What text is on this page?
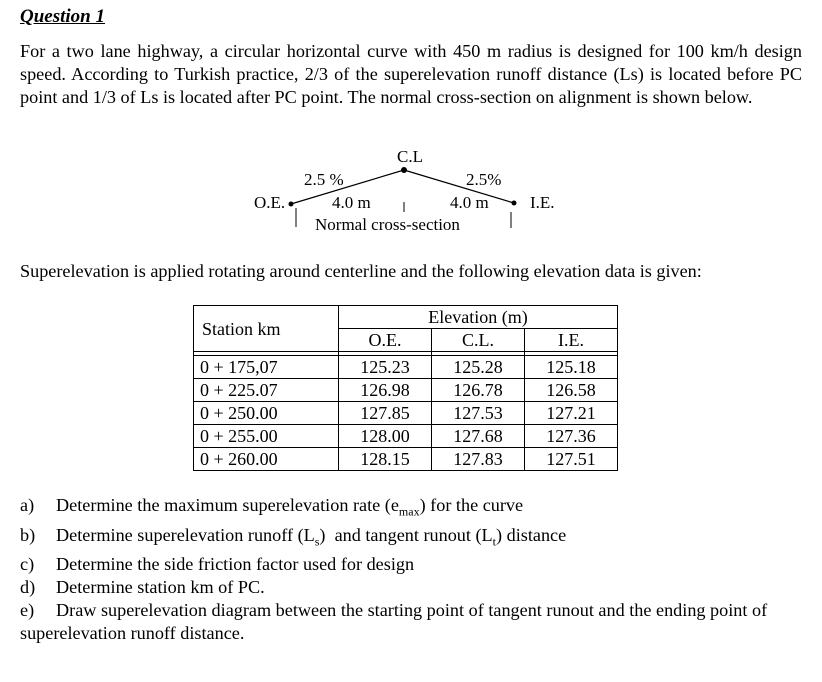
Question 1
For a two lane highway, a circular horizontal curve with 450 m radius is designed for 100 km/h design speed. According to Turkish practice, 2/3 of the superelevation runoff distance (Ls) is located before PC point and 1/3 of Ls is located after PC point. The normal cross-section on alignment is shown below.
C.L
2.5 %	2.5%
O.E.	I.E.
4.0 m	4.0 m
Normal cross-section
Superelevation is applied rotating around centerline and the following elevation data is given:
Station km	Elevation (m)		
	O.E.	C.L.	I.E.

0 + 175,07	125.23	125.28	125.18
0 + 225.07	126.98	126.78	126.58
0 + 250.00	127.85	127.53	127.21
0 + 255.00	128.00	127.68	127.36
0 + 260.00	128.15	127.83	127.51
a) Determine the maximum superelevation rate $(e_{max})$ for the curve
b) Determine superelevation runoff $(L_s)$  and tangent runout $(L_t)$ distance
c) Determine the side friction factor used for design
d) Determine station km of PC.
e) Draw superelevation diagram between the starting point of tangent runout and the ending point of superelevation runoff distance.
